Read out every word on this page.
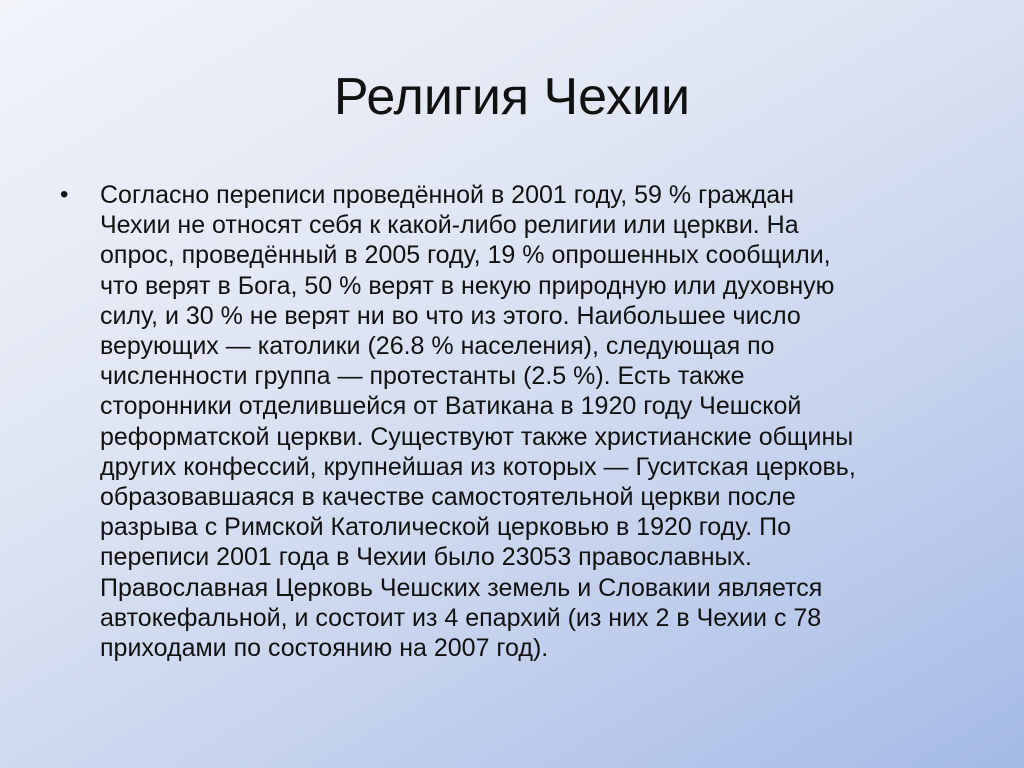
Религия Чехии
•	Согласно переписи проведённой в 2001 году, 59 % граждан
Чехии не относят себя к какой-либо религии или церкви. На
опрос, проведённый в 2005 году, 19 % опрошенных сообщили,
что верят в Бога, 50 % верят в некую природную или духовную
силу, и 30 % не верят ни во что из этого. Наибольшее число
верующих — католики (26.8 % населения), следующая по
численности группа — протестанты (2.5 %). Есть также
сторонники отделившейся от Ватикана в 1920 году Чешской
реформатской церкви. Существуют также христианские общины
других конфессий, крупнейшая из которых — Гуситская церковь,
образовавшаяся в качестве самостоятельной церкви после
разрыва с Римской Католической церковью в 1920 году. По
переписи 2001 года в Чехии было 23053 православных.
Православная Церковь Чешских земель и Словакии является
автокефальной, и состоит из 4 епархий (из них 2 в Чехии с 78
приходами по состоянию на 2007 год).
